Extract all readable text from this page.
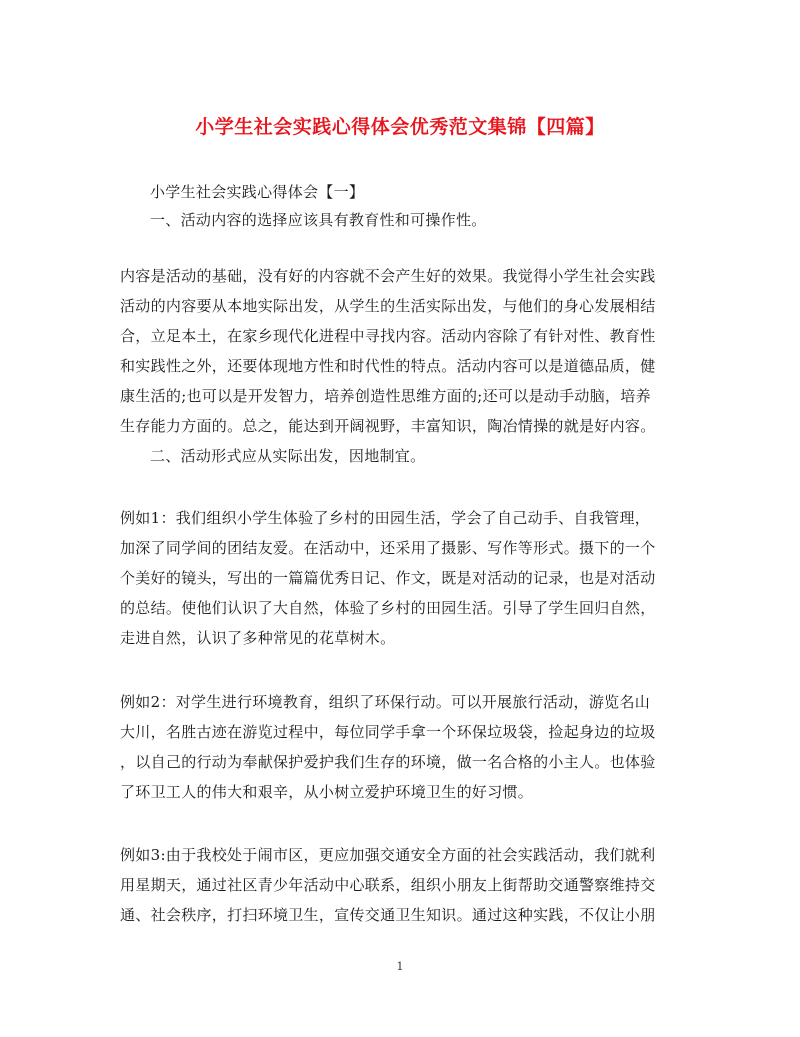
小学生社会实践心得体会优秀范文集锦【四篇】
小学生社会实践心得体会【一】
一、活动内容的选择应该具有教育性和可操作性。
内容是活动的基础，没有好的内容就不会产生好的效果。我觉得小学生社会实践
活动的内容要从本地实际出发，从学生的生活实际出发，与他们的身心发展相结
合，立足本土，在家乡现代化进程中寻找内容。活动内容除了有针对性、教育性
和实践性之外，还要体现地方性和时代性的特点。活动内容可以是道德品质，健
康生活的;也可以是开发智力，培养创造性思维方面的;还可以是动手动脑，培养
生存能力方面的。总之，能达到开阔视野，丰富知识，陶冶情操的就是好内容。
二、活动形式应从实际出发，因地制宜。
例如1：我们组织小学生体验了乡村的田园生活，学会了自己动手、自我管理，
加深了同学间的团结友爱。在活动中，还采用了摄影、写作等形式。摄下的一个
个美好的镜头，写出的一篇篇优秀日记、作文，既是对活动的记录，也是对活动
的总结。使他们认识了大自然，体验了乡村的田园生活。引导了学生回归自然，
走进自然，认识了多种常见的花草树木。
例如2：对学生进行环境教育，组织了环保行动。可以开展旅行活动，游览名山
大川，名胜古迹在游览过程中，每位同学手拿一个环保垃圾袋，捡起身边的垃圾
，以自己的行动为奉献保护爱护我们生存的环境，做一名合格的小主人。也体验
了环卫工人的伟大和艰辛，从小树立爱护环境卫生的好习惯。
例如3:由于我校处于闹市区，更应加强交通安全方面的社会实践活动，我们就利
用星期天，通过社区青少年活动中心联系，组织小朋友上街帮助交通警察维持交
通、社会秩序，打扫环境卫生，宣传交通卫生知识。通过这种实践，不仅让小朋
1
